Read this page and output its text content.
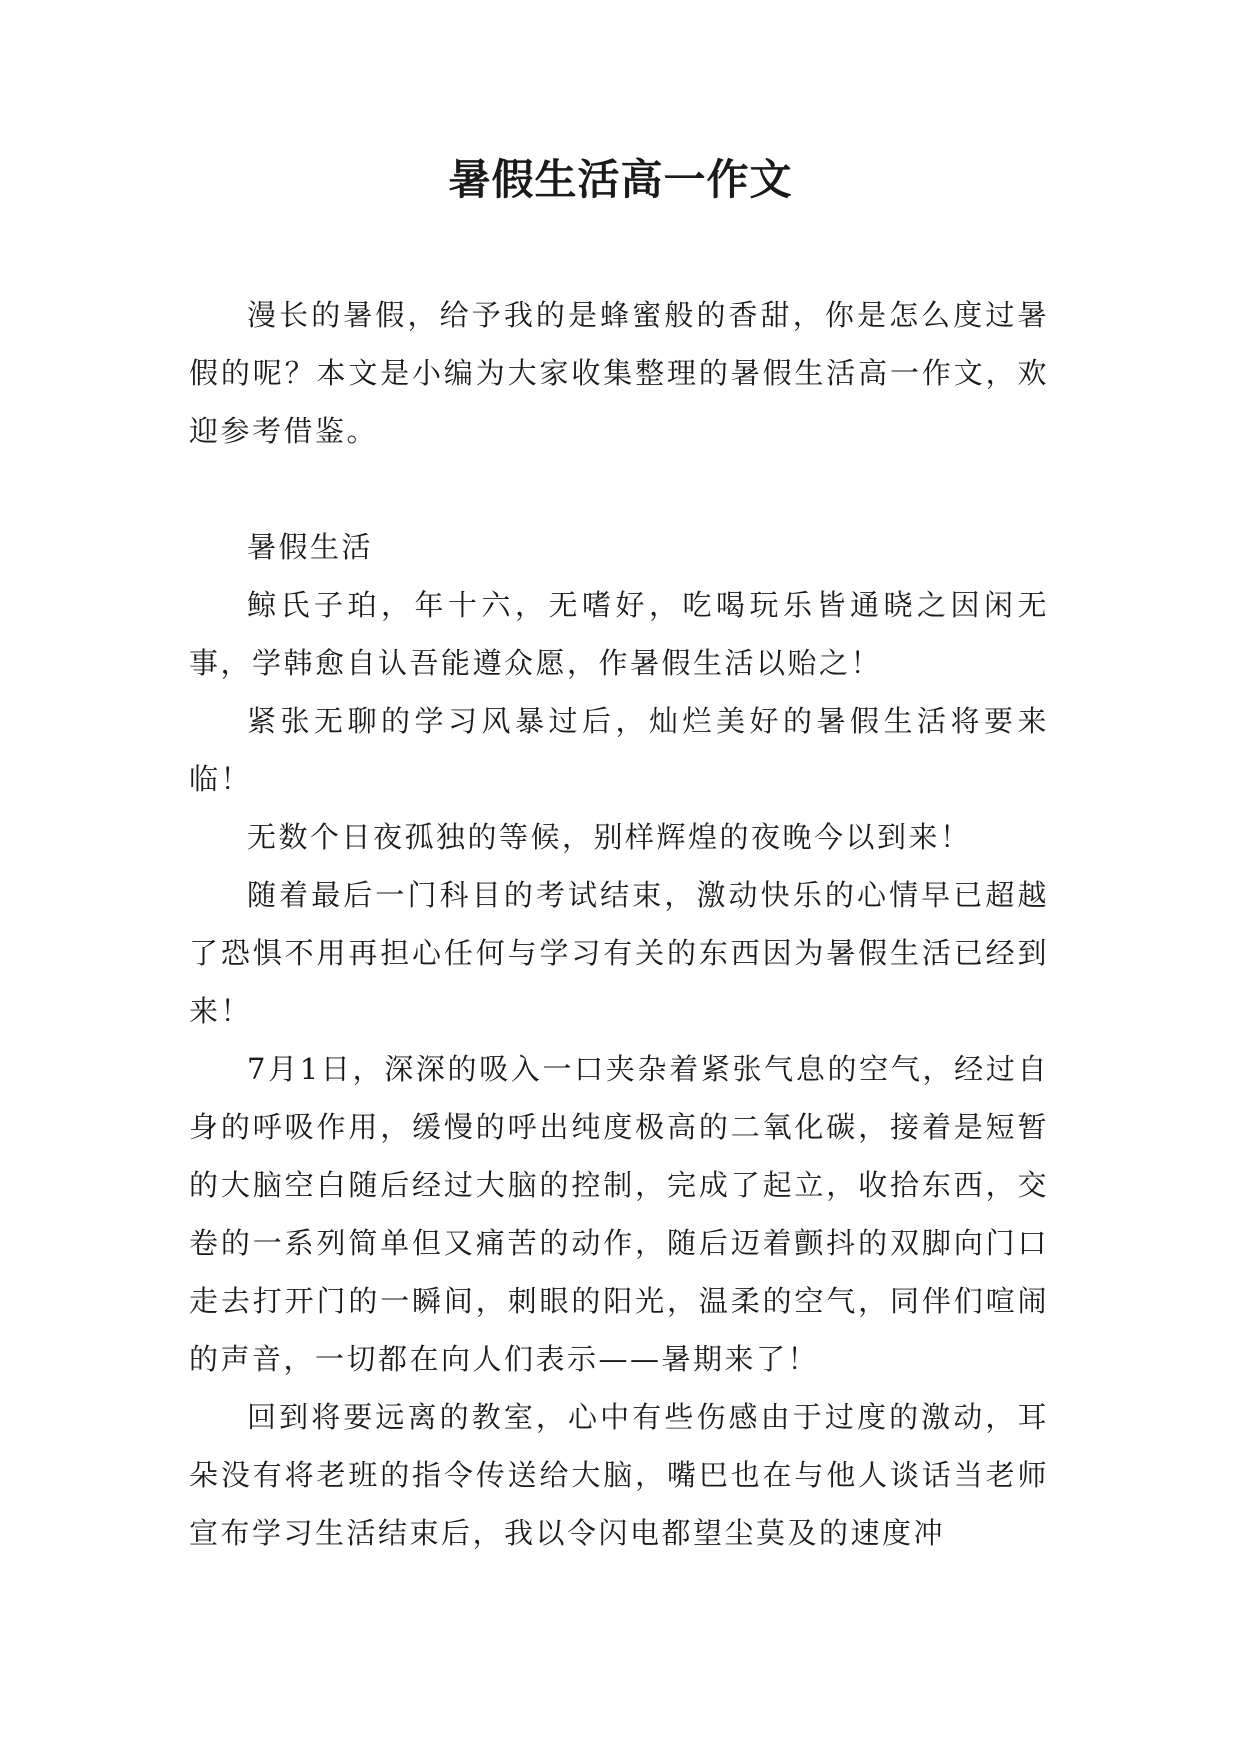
暑假生活高一作文

漫长的暑假，给予我的是蜂蜜般的香甜，你是怎么度过暑假的呢？本文是小编为大家收集整理的暑假生活高一作文，欢迎参考借鉴。

暑假生活

鲸氏子珀，年十六，无嗜好，吃喝玩乐皆通晓之因闲无事，学韩愈自认吾能遵众愿，作暑假生活以贻之！

紧张无聊的学习风暴过后，灿烂美好的暑假生活将要来临！

无数个日夜孤独的等候，别样辉煌的夜晚今以到来！

随着最后一门科目的考试结束，激动快乐的心情早已超越了恐惧不用再担心任何与学习有关的东西因为暑假生活已经到来！

7月1日，深深的吸入一口夹杂着紧张气息的空气，经过自身的呼吸作用，缓慢的呼出纯度极高的二氧化碳，接着是短暂的大脑空白随后经过大脑的控制，完成了起立，收拾东西，交卷的一系列简单但又痛苦的动作，随后迈着颤抖的双脚向门口走去打开门的一瞬间，刺眼的阳光，温柔的空气，同伴们喧闹的声音，一切都在向人们表示——暑期来了！

回到将要远离的教室，心中有些伤感由于过度的激动，耳朵没有将老班的指令传送给大脑，嘴巴也在与他人谈话当老师宣布学习生活结束后，我以令闪电都望尘莫及的速度冲
